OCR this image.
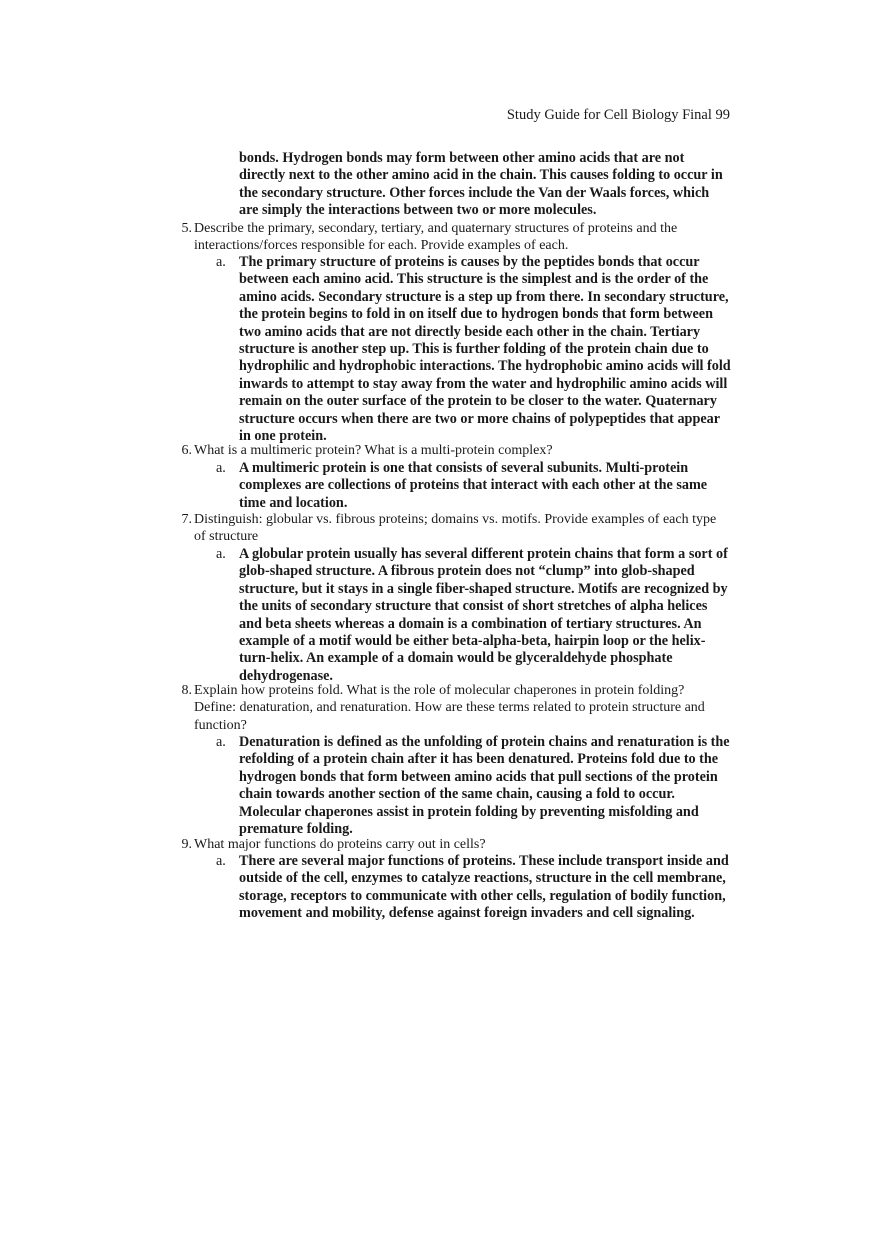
Study Guide for Cell Biology Final 99
bonds. Hydrogen bonds may form between other amino acids that are not directly next to the other amino acid in the chain. This causes folding to occur in the secondary structure. Other forces include the Van der Waals forces, which are simply the interactions between two or more molecules.
5. Describe the primary, secondary, tertiary, and quaternary structures of proteins and the interactions/forces responsible for each. Provide examples of each.
a. The primary structure of proteins is causes by the peptides bonds that occur between each amino acid. This structure is the simplest and is the order of the amino acids. Secondary structure is a step up from there. In secondary structure, the protein begins to fold in on itself due to hydrogen bonds that form between two amino acids that are not directly beside each other in the chain. Tertiary structure is another step up. This is further folding of the protein chain due to hydrophilic and hydrophobic interactions. The hydrophobic amino acids will fold inwards to attempt to stay away from the water and hydrophilic amino acids will remain on the outer surface of the protein to be closer to the water. Quaternary structure occurs when there are two or more chains of polypeptides that appear in one protein.
6. What is a multimeric protein? What is a multi-protein complex?
a. A multimeric protein is one that consists of several subunits. Multi-protein complexes are collections of proteins that interact with each other at the same time and location.
7. Distinguish: globular vs. fibrous proteins; domains vs. motifs. Provide examples of each type of structure
a. A globular protein usually has several different protein chains that form a sort of glob-shaped structure. A fibrous protein does not “clump” into glob-shaped structure, but it stays in a single fiber-shaped structure. Motifs are recognized by the units of secondary structure that consist of short stretches of alpha helices and beta sheets whereas a domain is a combination of tertiary structures. An example of a motif would be either beta-alpha-beta, hairpin loop or the helix-turn-helix. An example of a domain would be glyceraldehyde phosphate dehydrogenase.
8. Explain how proteins fold. What is the role of molecular chaperones in protein folding? Define: denaturation, and renaturation. How are these terms related to protein structure and function?
a. Denaturation is defined as the unfolding of protein chains and renaturation is the refolding of a protein chain after it has been denatured. Proteins fold due to the hydrogen bonds that form between amino acids that pull sections of the protein chain towards another section of the same chain, causing a fold to occur. Molecular chaperones assist in protein folding by preventing misfolding and premature folding.
9. What major functions do proteins carry out in cells?
a. There are several major functions of proteins. These include transport inside and outside of the cell, enzymes to catalyze reactions, structure in the cell membrane, storage, receptors to communicate with other cells, regulation of bodily function, movement and mobility, defense against foreign invaders and cell signaling.
